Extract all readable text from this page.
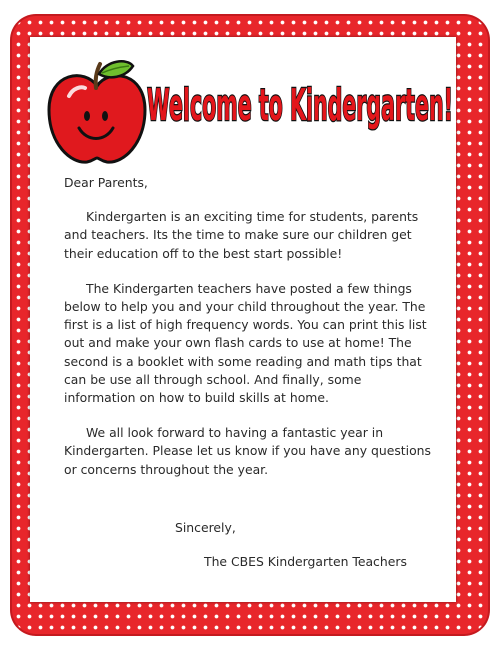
Welcome to Kindergarten!

Dear Parents,

Kindergarten is an exciting time for students, parents and teachers. Its the time to make sure our children get their education off to the best start possible!

The Kindergarten teachers have posted a few things below to help you and your child throughout the year. The first is a list of high frequency words. You can print this list out and make your own flash cards to use at home! The second is a booklet with some reading and math tips that can be use all through school. And finally, some information on how to build skills at home.

We all look forward to having a fantastic year in Kindergarten. Please let us know if you have any questions or concerns throughout the year.

Sincerely,
The CBES Kindergarten Teachers
